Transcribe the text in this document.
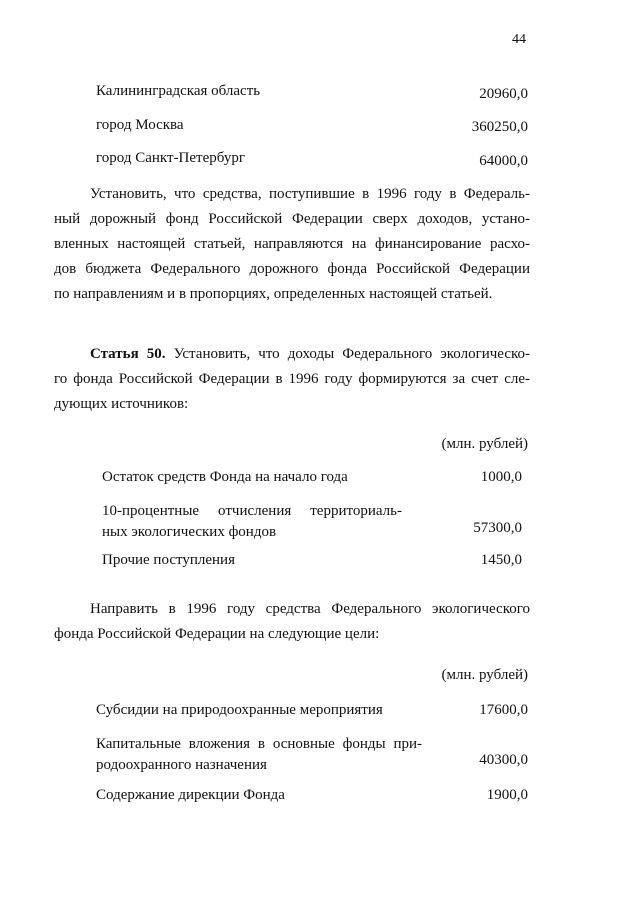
44
Калининградская область	20960,0
город Москва	360250,0
город Санкт-Петербург	64000,0
Установить, что средства, поступившие в 1996 году в Федераль-
ный дорожный фонд Российской Федерации сверх доходов, устано-
вленных настоящей статьей, направляются на финансирование расхо-
дов бюджета Федерального дорожного фонда Российской Федерации
по направлениям и в пропорциях, определенных настоящей статьей.
Статья 50. Установить, что доходы Федерального экологическо-
го фонда Российской Федерации в 1996 году формируются за счет сле-
дующих источников:
(млн. рублей)
Остаток средств Фонда на начало года	1000,0
10-процентные отчисления территориаль-
ных экологических фондов	57300,0
Прочие поступления	1450,0
Направить в 1996 году средства Федерального экологического
фонда Российской Федерации на следующие цели:
(млн. рублей)
Субсидии на природоохранные мероприятия	17600,0
Капитальные вложения в основные фонды при-
родоохранного назначения	40300,0
Содержание дирекции Фонда	1900,0
